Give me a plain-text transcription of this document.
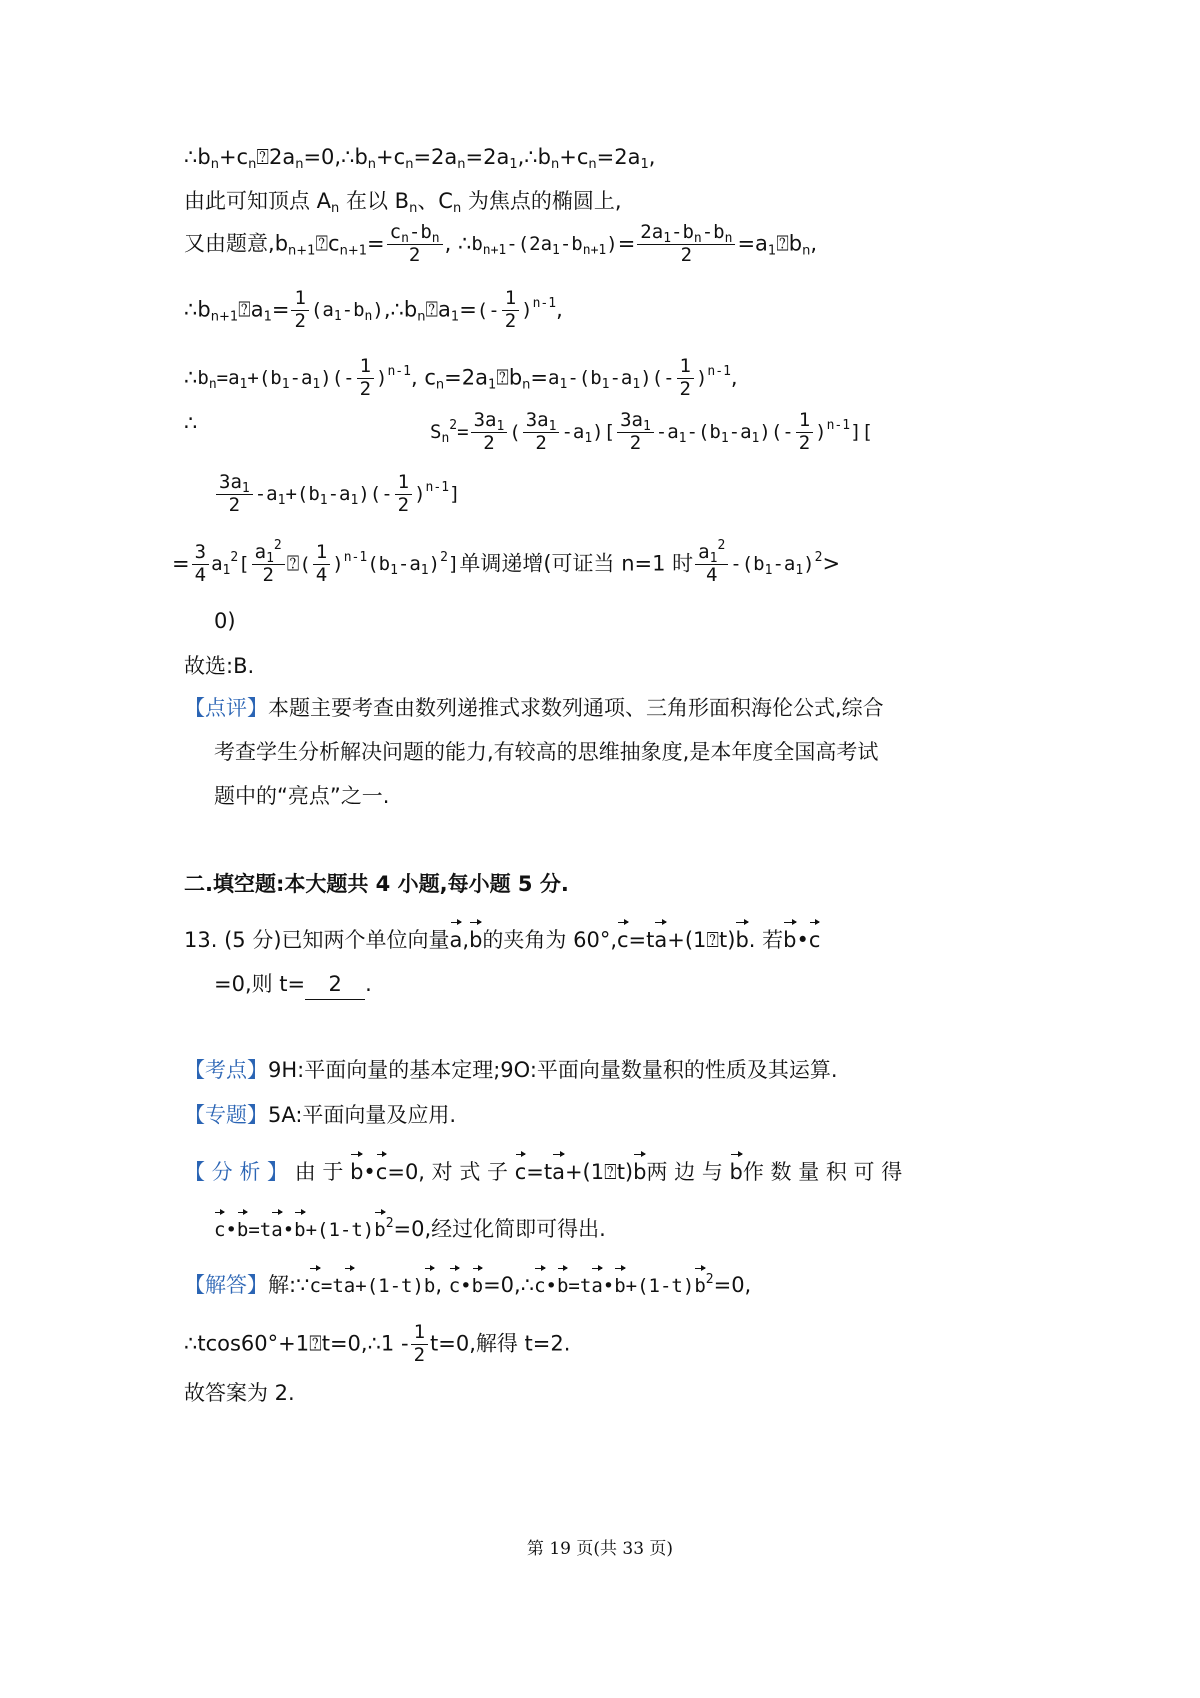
$\therefore b_n+c_n⍰2a_n=0,\therefore b_n+c_n=2a_n=2a_1,\therefore b_n+c_n=2a_1$,
由此可知顶点 $A_n$ 在以 $B_n$、$C_n$ 为焦点的椭圆上,
又由题意$,b_{n+1}⍰c_{n+1}= \frac{c_n-b_n}{2}$ , $\therefore b_{n+1}-(2a_1-b_{n+1})= \frac{2a_1-b_n-b_n}{2}$ $=a_1⍰b_n$,
$\therefore b_{n+1}⍰a_1= \frac{1}{2}$ $(a_1-b_n),\therefore b_n⍰a_1=(- \frac{1}{2} )^{n-1}$,
$\therefore b_n=a_1+(b_1-a_1)(- \frac{1}{2} )^{n-1}$, $c_n=2a_1⍰b_n=a_1-(b_1-a_1)(- \frac{1}{2} )^{n-1}$,
∴	$S_n^2= \frac{3a_1}{2}$ ( $\frac{3a_1}{2} -a_1)[ \frac{3a_1}{2} -a_1-(b_1-a_1)(- \frac{1}{2} )^{n-1}]$[
$\frac{3a_1}{2} -a_1+(b_1-a_1)(- \frac{1}{2} )^{n-1}$]
= $\frac{3}{4} a_1^2[ \frac{a_1^2}{2}$ ⍰( $\frac{1}{4} )^{n-1}(b_1-a_1)^2$]单调递增(可证当 n=1 时 $\frac{a_1^2}{4} -(b_1-a_1)^2>$
0)
故选:B.
【点评】本题主要考查由数列递推式求数列通项、三角形面积海伦公式,综合
考查学生分析解决问题的能力,有较高的思维抽象度,是本年度全国高考试
题中的“亮点”之一.
二.填空题:本大题共 4 小题,每小题 5 分.
13. (5 分)已知两个单位向量a,b的夹角为 60°,c=ta+(1⍰t)b. 若b•c
=0,则 t= 2 .
【考点】9H:平面向量的基本定理;9O:平面向量数量积的性质及其运算.
【专题】5A:平面向量及应用.
【 分 析 】 由 于 b•c=0, 对 式 子 c=ta+(1⍰t)b两 边 与 b作 数 量 积 可 得
$c•b=ta•b+(1-t)b^2=0$,经过化简即可得出.
【解答】解:∵c=ta+(1-t)b, $c•b=0,\therefore c•b=ta•b+(1-t)b^2=0$,
∴tcos60°+1⍰t=0,∴1 - $\frac{1}{2} t=0$,解得 t=2.
故答案为 2.
第 19 页(共 33 页)
